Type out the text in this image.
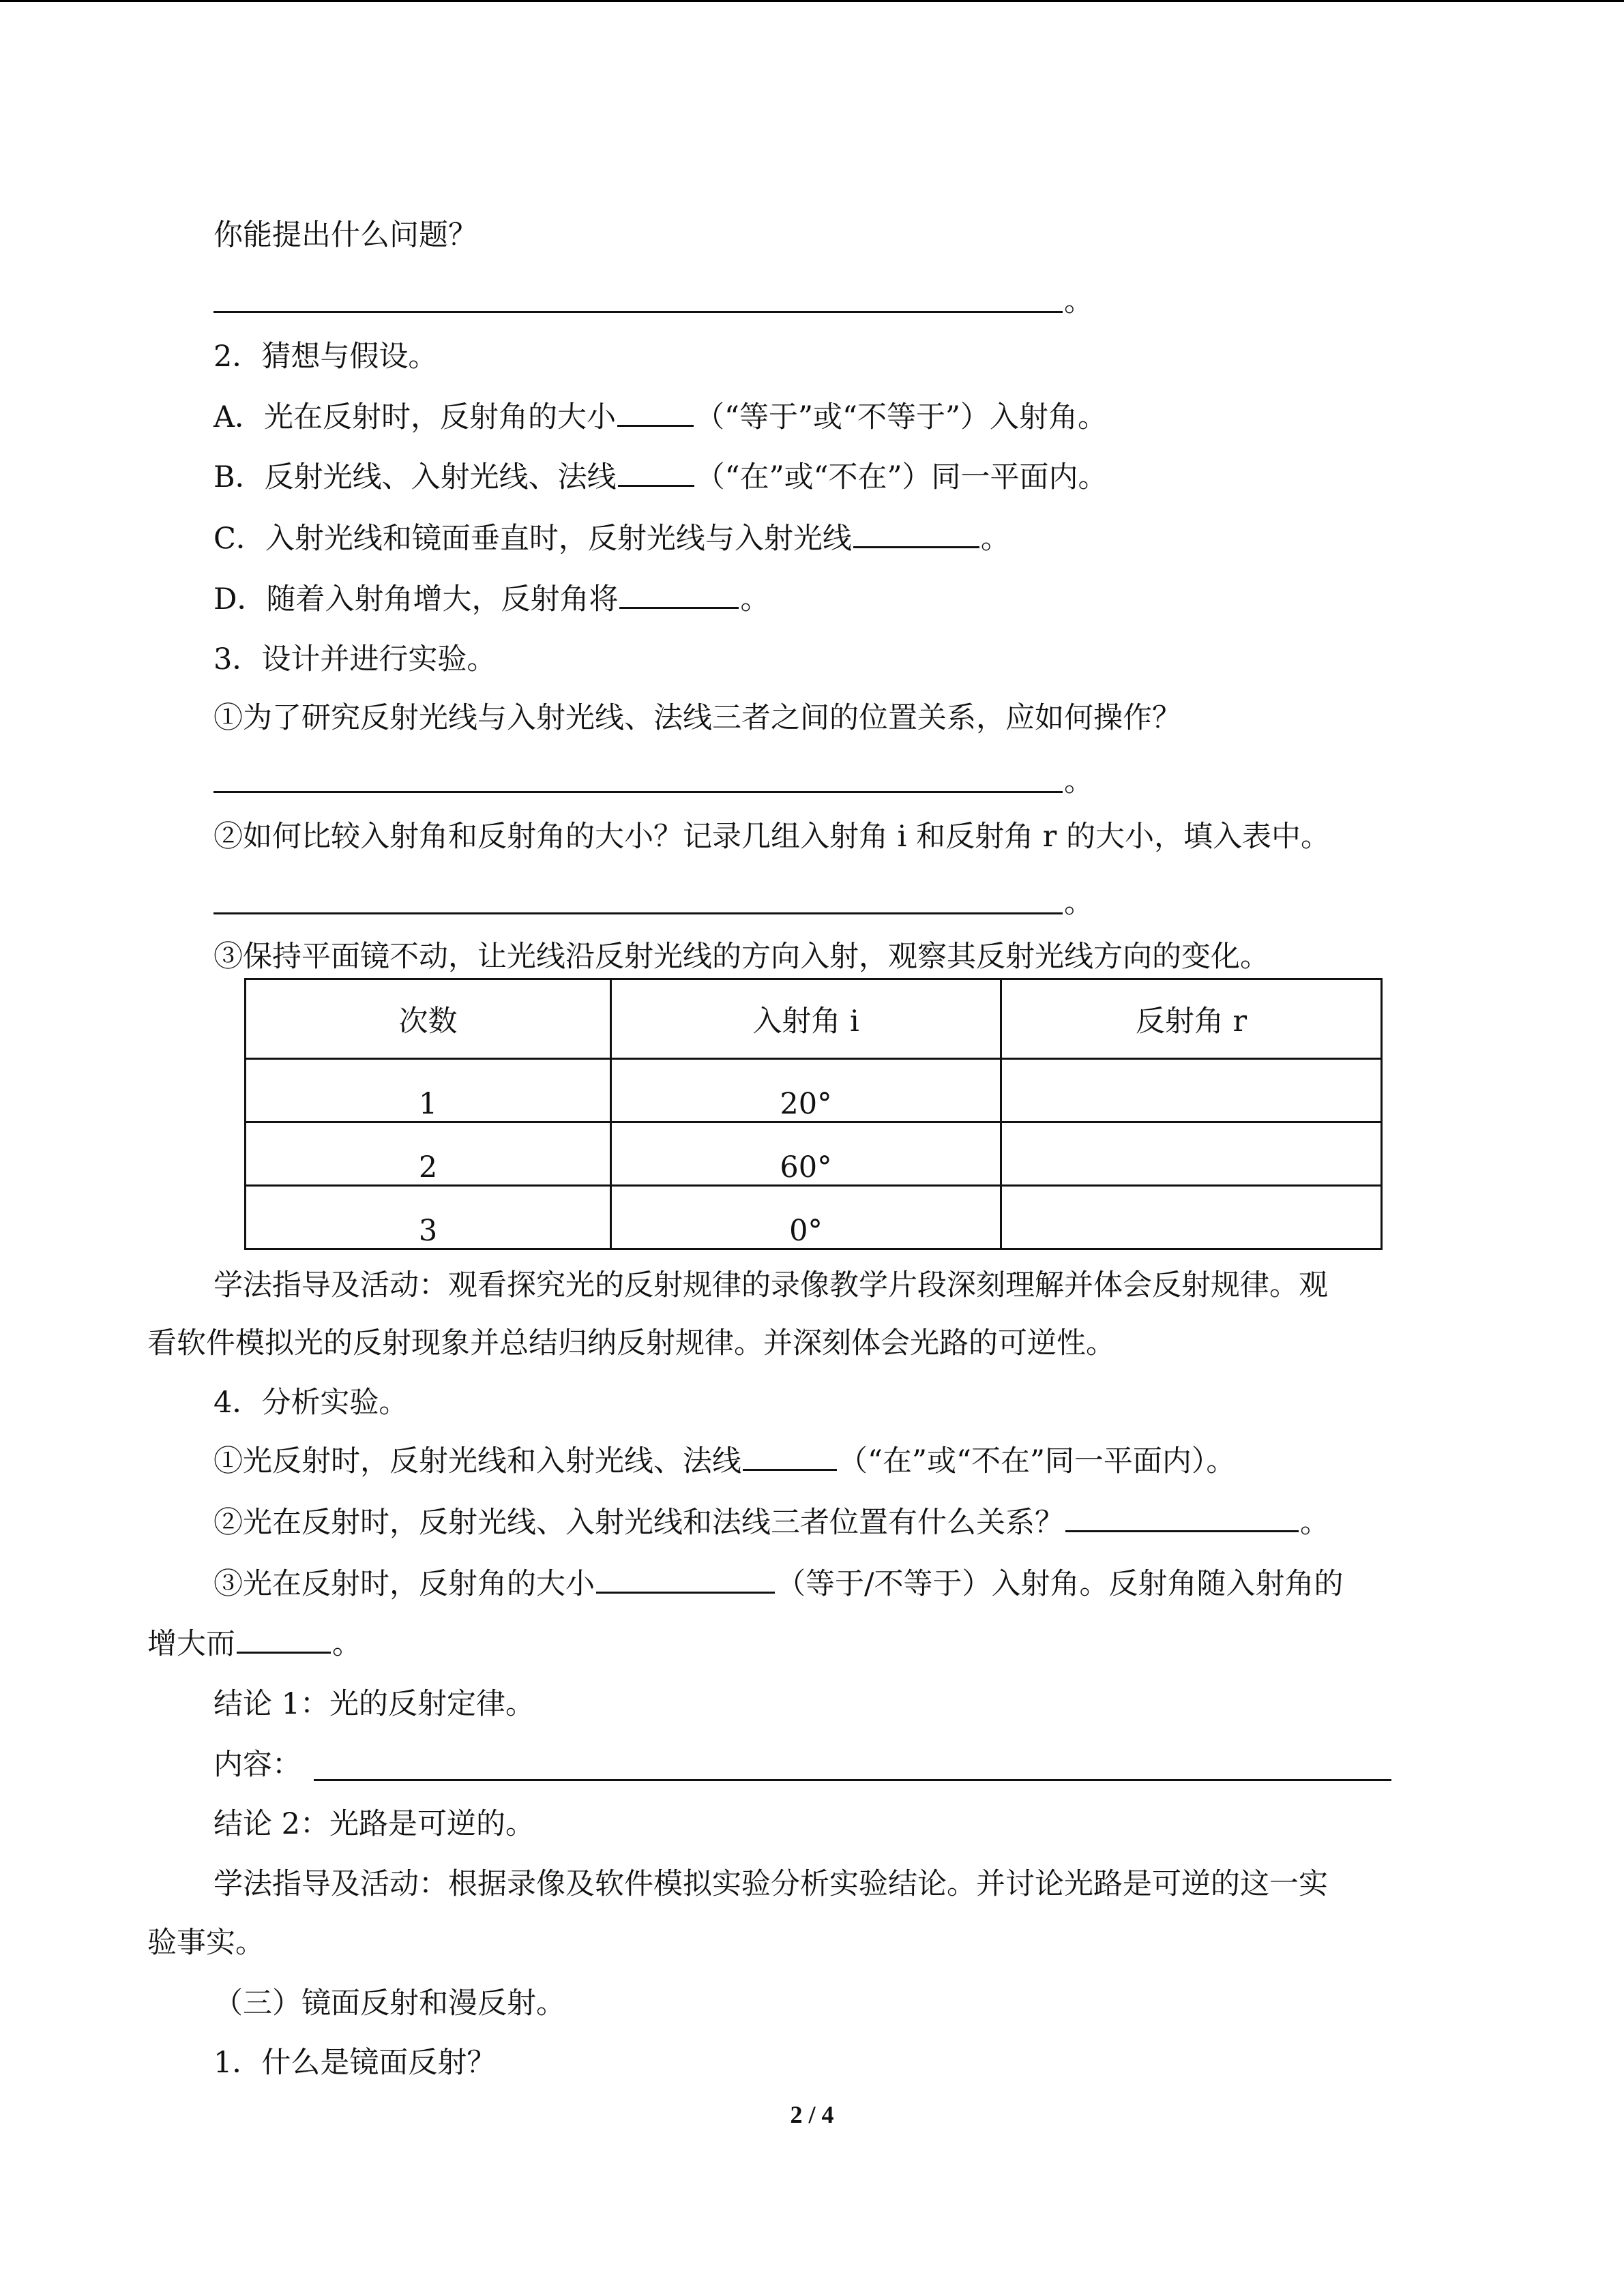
你能提出什么问题？
。
2．猜想与假设。
A．光在反射时，反射角的大小	（“等于”或“不等于”）入射角。
B．反射光线、入射光线、法线	（“在”或“不在”）同一平面内。
C．入射光线和镜面垂直时，反射光线与入射光线	。
D．随着入射角增大，反射角将	。
3．设计并进行实验。
①为了研究反射光线与入射光线、法线三者之间的位置关系，应如何操作？
。
②如何比较入射角和反射角的大小？记录几组入射角 i 和反射角 r 的大小，填入表中。
。
③保持平面镜不动，让光线沿反射光线的方向入射，观察其反射光线方向的变化。
次数	入射角 i	反射角 r
1	20°	
2	60°	
3	0°	
学法指导及活动：观看探究光的反射规律的录像教学片段深刻理解并体会反射规律。观
看软件模拟光的反射现象并总结归纳反射规律。并深刻体会光路的可逆性。
4．分析实验。
①光反射时，反射光线和入射光线、法线	（“在”或“不在”同一平面内）。
②光在反射时，反射光线、入射光线和法线三者位置有什么关系？	。
③光在反射时，反射角的大小	（等于/不等于）入射角。反射角随入射角的
增大而	。
结论 1：光的反射定律。
内容：
结论 2：光路是可逆的。
学法指导及活动：根据录像及软件模拟实验分析实验结论。并讨论光路是可逆的这一实
验事实。
（三）镜面反射和漫反射。
1．什么是镜面反射？
2 / 4
